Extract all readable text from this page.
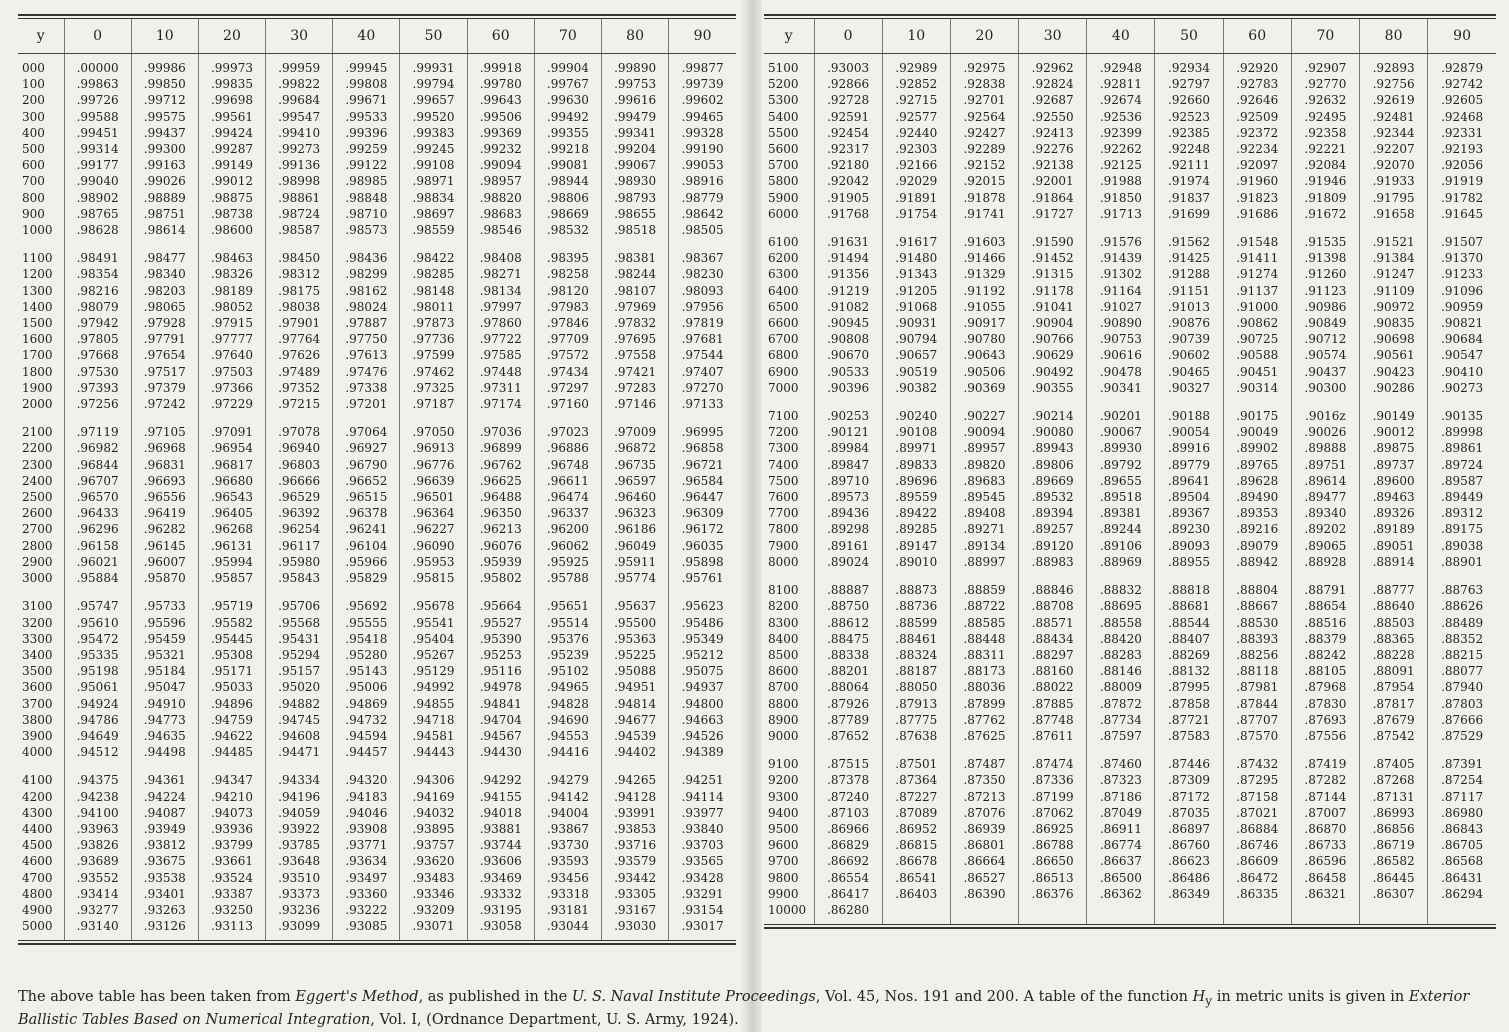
y	0	10	20	30	40	50	60	70	80	90
000	.00000	.99986	.99973	.99959	.99945	.99931	.99918	.99904	.99890	.99877
100	.99863	.99850	.99835	.99822	.99808	.99794	.99780	.99767	.99753	.99739
200	.99726	.99712	.99698	.99684	.99671	.99657	.99643	.99630	.99616	.99602
300	.99588	.99575	.99561	.99547	.99533	.99520	.99506	.99492	.99479	.99465
400	.99451	.99437	.99424	.99410	.99396	.99383	.99369	.99355	.99341	.99328
500	.99314	.99300	.99287	.99273	.99259	.99245	.99232	.99218	.99204	.99190
600	.99177	.99163	.99149	.99136	.99122	.99108	.99094	.99081	.99067	.99053
700	.99040	.99026	.99012	.98998	.98985	.98971	.98957	.98944	.98930	.98916
800	.98902	.98889	.98875	.98861	.98848	.98834	.98820	.98806	.98793	.98779
900	.98765	.98751	.98738	.98724	.98710	.98697	.98683	.98669	.98655	.98642
1000	.98628	.98614	.98600	.98587	.98573	.98559	.98546	.98532	.98518	.98505
1100	.98491	.98477	.98463	.98450	.98436	.98422	.98408	.98395	.98381	.98367
1200	.98354	.98340	.98326	.98312	.98299	.98285	.98271	.98258	.98244	.98230
1300	.98216	.98203	.98189	.98175	.98162	.98148	.98134	.98120	.98107	.98093
1400	.98079	.98065	.98052	.98038	.98024	.98011	.97997	.97983	.97969	.97956
1500	.97942	.97928	.97915	.97901	.97887	.97873	.97860	.97846	.97832	.97819
1600	.97805	.97791	.97777	.97764	.97750	.97736	.97722	.97709	.97695	.97681
1700	.97668	.97654	.97640	.97626	.97613	.97599	.97585	.97572	.97558	.97544
1800	.97530	.97517	.97503	.97489	.97476	.97462	.97448	.97434	.97421	.97407
1900	.97393	.97379	.97366	.97352	.97338	.97325	.97311	.97297	.97283	.97270
2000	.97256	.97242	.97229	.97215	.97201	.97187	.97174	.97160	.97146	.97133
2100	.97119	.97105	.97091	.97078	.97064	.97050	.97036	.97023	.97009	.96995
2200	.96982	.96968	.96954	.96940	.96927	.96913	.96899	.96886	.96872	.96858
2300	.96844	.96831	.96817	.96803	.96790	.96776	.96762	.96748	.96735	.96721
2400	.96707	.96693	.96680	.96666	.96652	.96639	.96625	.96611	.96597	.96584
2500	.96570	.96556	.96543	.96529	.96515	.96501	.96488	.96474	.96460	.96447
2600	.96433	.96419	.96405	.96392	.96378	.96364	.96350	.96337	.96323	.96309
2700	.96296	.96282	.96268	.96254	.96241	.96227	.96213	.96200	.96186	.96172
2800	.96158	.96145	.96131	.96117	.96104	.96090	.96076	.96062	.96049	.96035
2900	.96021	.96007	.95994	.95980	.95966	.95953	.95939	.95925	.95911	.95898
3000	.95884	.95870	.95857	.95843	.95829	.95815	.95802	.95788	.95774	.95761
3100	.95747	.95733	.95719	.95706	.95692	.95678	.95664	.95651	.95637	.95623
3200	.95610	.95596	.95582	.95568	.95555	.95541	.95527	.95514	.95500	.95486
3300	.95472	.95459	.95445	.95431	.95418	.95404	.95390	.95376	.95363	.95349
3400	.95335	.95321	.95308	.95294	.95280	.95267	.95253	.95239	.95225	.95212
3500	.95198	.95184	.95171	.95157	.95143	.95129	.95116	.95102	.95088	.95075
3600	.95061	.95047	.95033	.95020	.95006	.94992	.94978	.94965	.94951	.94937
3700	.94924	.94910	.94896	.94882	.94869	.94855	.94841	.94828	.94814	.94800
3800	.94786	.94773	.94759	.94745	.94732	.94718	.94704	.94690	.94677	.94663
3900	.94649	.94635	.94622	.94608	.94594	.94581	.94567	.94553	.94539	.94526
4000	.94512	.94498	.94485	.94471	.94457	.94443	.94430	.94416	.94402	.94389
4100	.94375	.94361	.94347	.94334	.94320	.94306	.94292	.94279	.94265	.94251
4200	.94238	.94224	.94210	.94196	.94183	.94169	.94155	.94142	.94128	.94114
4300	.94100	.94087	.94073	.94059	.94046	.94032	.94018	.94004	.93991	.93977
4400	.93963	.93949	.93936	.93922	.93908	.93895	.93881	.93867	.93853	.93840
4500	.93826	.93812	.93799	.93785	.93771	.93757	.93744	.93730	.93716	.93703
4600	.93689	.93675	.93661	.93648	.93634	.93620	.93606	.93593	.93579	.93565
4700	.93552	.93538	.93524	.93510	.93497	.93483	.93469	.93456	.93442	.93428
4800	.93414	.93401	.93387	.93373	.93360	.93346	.93332	.93318	.93305	.93291
4900	.93277	.93263	.93250	.93236	.93222	.93209	.93195	.93181	.93167	.93154
5000	.93140	.93126	.93113	.93099	.93085	.93071	.93058	.93044	.93030	.93017
y	0	10	20	30	40	50	60	70	80	90
5100	.93003	.92989	.92975	.92962	.92948	.92934	.92920	.92907	.92893	.92879
5200	.92866	.92852	.92838	.92824	.92811	.92797	.92783	.92770	.92756	.92742
5300	.92728	.92715	.92701	.92687	.92674	.92660	.92646	.92632	.92619	.92605
5400	.92591	.92577	.92564	.92550	.92536	.92523	.92509	.92495	.92481	.92468
5500	.92454	.92440	.92427	.92413	.92399	.92385	.92372	.92358	.92344	.92331
5600	.92317	.92303	.92289	.92276	.92262	.92248	.92234	.92221	.92207	.92193
5700	.92180	.92166	.92152	.92138	.92125	.92111	.92097	.92084	.92070	.92056
5800	.92042	.92029	.92015	.92001	.91988	.91974	.91960	.91946	.91933	.91919
5900	.91905	.91891	.91878	.91864	.91850	.91837	.91823	.91809	.91795	.91782
6000	.91768	.91754	.91741	.91727	.91713	.91699	.91686	.91672	.91658	.91645
6100	.91631	.91617	.91603	.91590	.91576	.91562	.91548	.91535	.91521	.91507
6200	.91494	.91480	.91466	.91452	.91439	.91425	.91411	.91398	.91384	.91370
6300	.91356	.91343	.91329	.91315	.91302	.91288	.91274	.91260	.91247	.91233
6400	.91219	.91205	.91192	.91178	.91164	.91151	.91137	.91123	.91109	.91096
6500	.91082	.91068	.91055	.91041	.91027	.91013	.91000	.90986	.90972	.90959
6600	.90945	.90931	.90917	.90904	.90890	.90876	.90862	.90849	.90835	.90821
6700	.90808	.90794	.90780	.90766	.90753	.90739	.90725	.90712	.90698	.90684
6800	.90670	.90657	.90643	.90629	.90616	.90602	.90588	.90574	.90561	.90547
6900	.90533	.90519	.90506	.90492	.90478	.90465	.90451	.90437	.90423	.90410
7000	.90396	.90382	.90369	.90355	.90341	.90327	.90314	.90300	.90286	.90273
7100	.90253	.90240	.90227	.90214	.90201	.90188	.90175	.9016z	.90149	.90135
7200	.90121	.90108	.90094	.90080	.90067	.90054	.90049	.90026	.90012	.89998
7300	.89984	.89971	.89957	.89943	.89930	.89916	.89902	.89888	.89875	.89861
7400	.89847	.89833	.89820	.89806	.89792	.89779	.89765	.89751	.89737	.89724
7500	.89710	.89696	.89683	.89669	.89655	.89641	.89628	.89614	.89600	.89587
7600	.89573	.89559	.89545	.89532	.89518	.89504	.89490	.89477	.89463	.89449
7700	.89436	.89422	.89408	.89394	.89381	.89367	.89353	.89340	.89326	.89312
7800	.89298	.89285	.89271	.89257	.89244	.89230	.89216	.89202	.89189	.89175
7900	.89161	.89147	.89134	.89120	.89106	.89093	.89079	.89065	.89051	.89038
8000	.89024	.89010	.88997	.88983	.88969	.88955	.88942	.88928	.88914	.88901
8100	.88887	.88873	.88859	.88846	.88832	.88818	.88804	.88791	.88777	.88763
8200	.88750	.88736	.88722	.88708	.88695	.88681	.88667	.88654	.88640	.88626
8300	.88612	.88599	.88585	.88571	.88558	.88544	.88530	.88516	.88503	.88489
8400	.88475	.88461	.88448	.88434	.88420	.88407	.88393	.88379	.88365	.88352
8500	.88338	.88324	.88311	.88297	.88283	.88269	.88256	.88242	.88228	.88215
8600	.88201	.88187	.88173	.88160	.88146	.88132	.88118	.88105	.88091	.88077
8700	.88064	.88050	.88036	.88022	.88009	.87995	.87981	.87968	.87954	.87940
8800	.87926	.87913	.87899	.87885	.87872	.87858	.87844	.87830	.87817	.87803
8900	.87789	.87775	.87762	.87748	.87734	.87721	.87707	.87693	.87679	.87666
9000	.87652	.87638	.87625	.87611	.87597	.87583	.87570	.87556	.87542	.87529
9100	.87515	.87501	.87487	.87474	.87460	.87446	.87432	.87419	.87405	.87391
9200	.87378	.87364	.87350	.87336	.87323	.87309	.87295	.87282	.87268	.87254
9300	.87240	.87227	.87213	.87199	.87186	.87172	.87158	.87144	.87131	.87117
9400	.87103	.87089	.87076	.87062	.87049	.87035	.87021	.87007	.86993	.86980
9500	.86966	.86952	.86939	.86925	.86911	.86897	.86884	.86870	.86856	.86843
9600	.86829	.86815	.86801	.86788	.86774	.86760	.86746	.86733	.86719	.86705
9700	.86692	.86678	.86664	.86650	.86637	.86623	.86609	.86596	.86582	.86568
9800	.86554	.86541	.86527	.86513	.86500	.86486	.86472	.86458	.86445	.86431
9900	.86417	.86403	.86390	.86376	.86362	.86349	.86335	.86321	.86307	.86294
10000	.86280									
The above table has been taken from Eggert's Method, as published in the U. S. Naval Institute Proceedings, Vol. 45, Nos. 191 and 200. A table of the function $H_y$ in metric units is given in Exterior Ballistic Tables Based on Numerical Integration, Vol. I, (Ordnance Department, U. S. Army, 1924).
